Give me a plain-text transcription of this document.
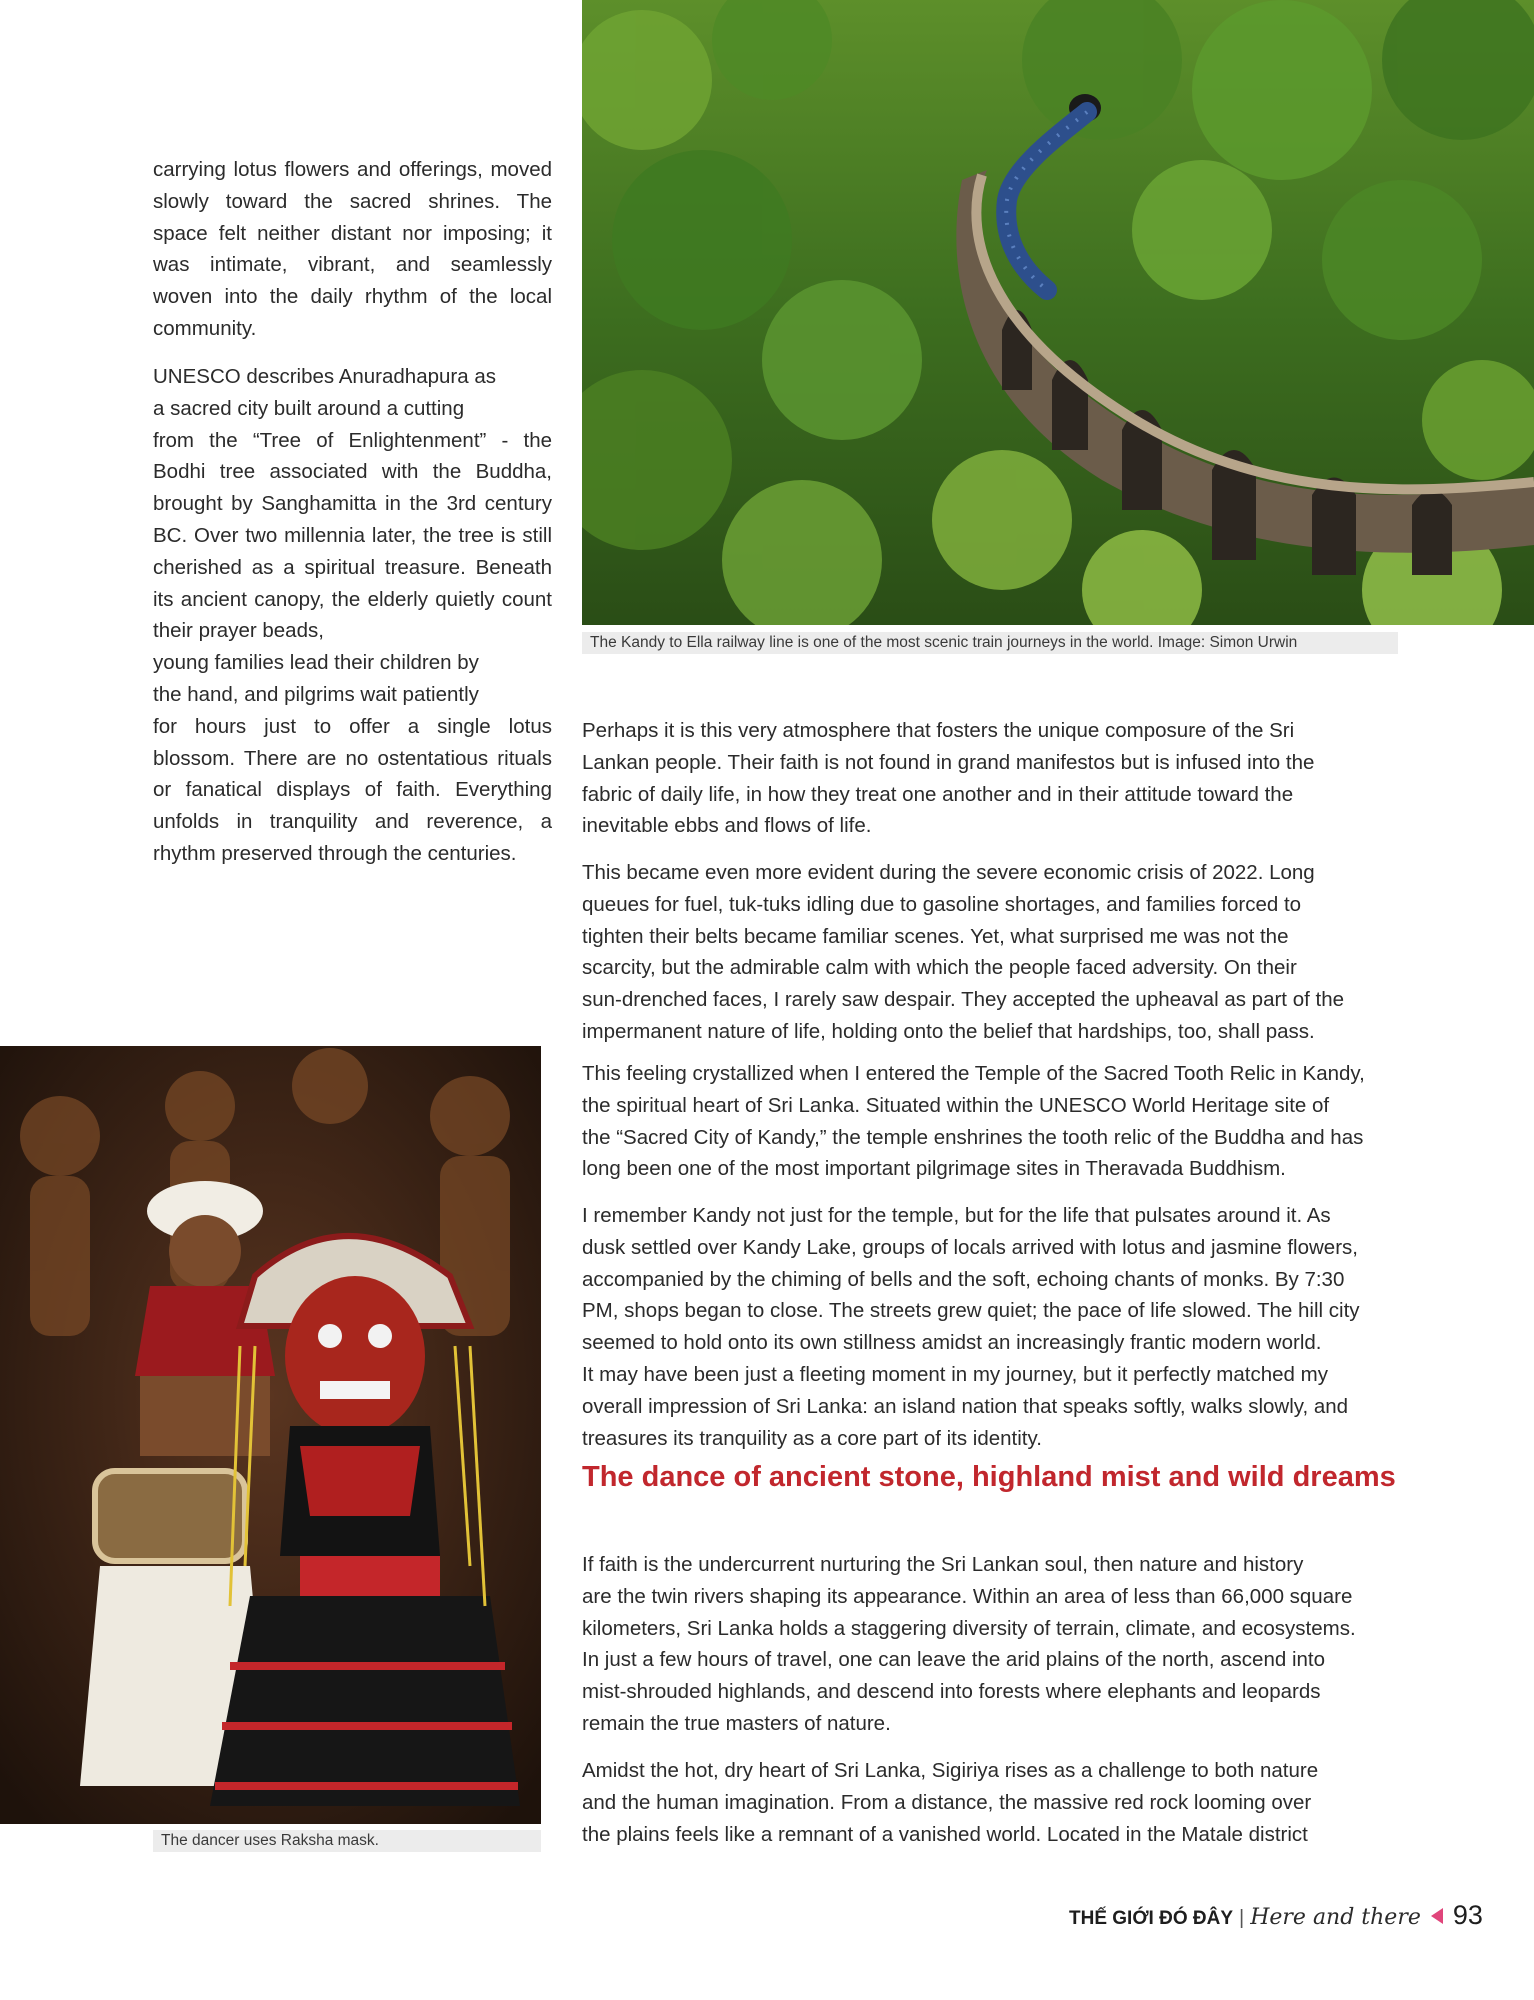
carrying lotus flowers and offerings, moved slowly toward the sacred shrines. The space felt neither distant nor imposing; it was intimate, vibrant, and seamlessly woven into the daily rhythm of the local community.

UNESCO describes Anuradhapura as
a sacred city built around a cutting

from the “Tree of Enlightenment” - the Bodhi tree associated with the Buddha, brought by Sanghamitta in the 3rd century BC. Over two millennia later, the tree is still cherished as a spiritual treasure. Beneath its ancient canopy, the elderly quietly count their prayer beads,

young families lead their children by
the hand, and pilgrims wait patiently

for hours just to offer a single lotus blossom. There are no ostentatious rituals or fanatical displays of faith. Everything unfolds in tranquility and reverence, a rhythm preserved through the centuries.

The Kandy to Ella railway line is one of the most scenic train journeys in the world. Image: Simon Urwin
Perhaps it is this very atmosphere that fosters the unique composure of the Sri
Lankan people. Their faith is not found in grand manifestos but is infused into the
fabric of daily life, in how they treat one another and in their attitude toward the
inevitable ebbs and flows of life.
This became even more evident during the severe economic crisis of 2022. Long
queues for fuel, tuk-tuks idling due to gasoline shortages, and families forced to
tighten their belts became familiar scenes. Yet, what surprised me was not the
scarcity, but the admirable calm with which the people faced adversity. On their
sun-drenched faces, I rarely saw despair. They accepted the upheaval as part of the
impermanent nature of life, holding onto the belief that hardships, too, shall pass.
This feeling crystallized when I entered the Temple of the Sacred Tooth Relic in Kandy,
the spiritual heart of Sri Lanka. Situated within the UNESCO World Heritage site of
the “Sacred City of Kandy,” the temple enshrines the tooth relic of the Buddha and has
long been one of the most important pilgrimage sites in Theravada Buddhism.
I remember Kandy not just for the temple, but for the life that pulsates around it. As
dusk settled over Kandy Lake, groups of locals arrived with lotus and jasmine flowers,
accompanied by the chiming of bells and the soft, echoing chants of monks. By 7:30
PM, shops began to close. The streets grew quiet; the pace of life slowed. The hill city
seemed to hold onto its own stillness amidst an increasingly frantic modern world.
It may have been just a fleeting moment in my journey, but it perfectly matched my
overall impression of Sri Lanka: an island nation that speaks softly, walks slowly, and
treasures its tranquility as a core part of its identity.
The dance of ancient stone, highland mist and wild dreams
If faith is the undercurrent nurturing the Sri Lankan soul, then nature and history
are the twin rivers shaping its appearance. Within an area of less than 66,000 square
kilometers, Sri Lanka holds a staggering diversity of terrain, climate, and ecosystems.
In just a few hours of travel, one can leave the arid plains of the north, ascend into
mist-shrouded highlands, and descend into forests where elephants and leopards
remain the true masters of nature.
Amidst the hot, dry heart of Sri Lanka, Sigiriya rises as a challenge to both nature
and the human imagination. From a distance, the massive red rock looming over
the plains feels like a remnant of a vanished world. Located in the Matale district
The dancer uses Raksha mask.
THẾ GIỚI ĐÓ ĐÂY | Here and there 93
